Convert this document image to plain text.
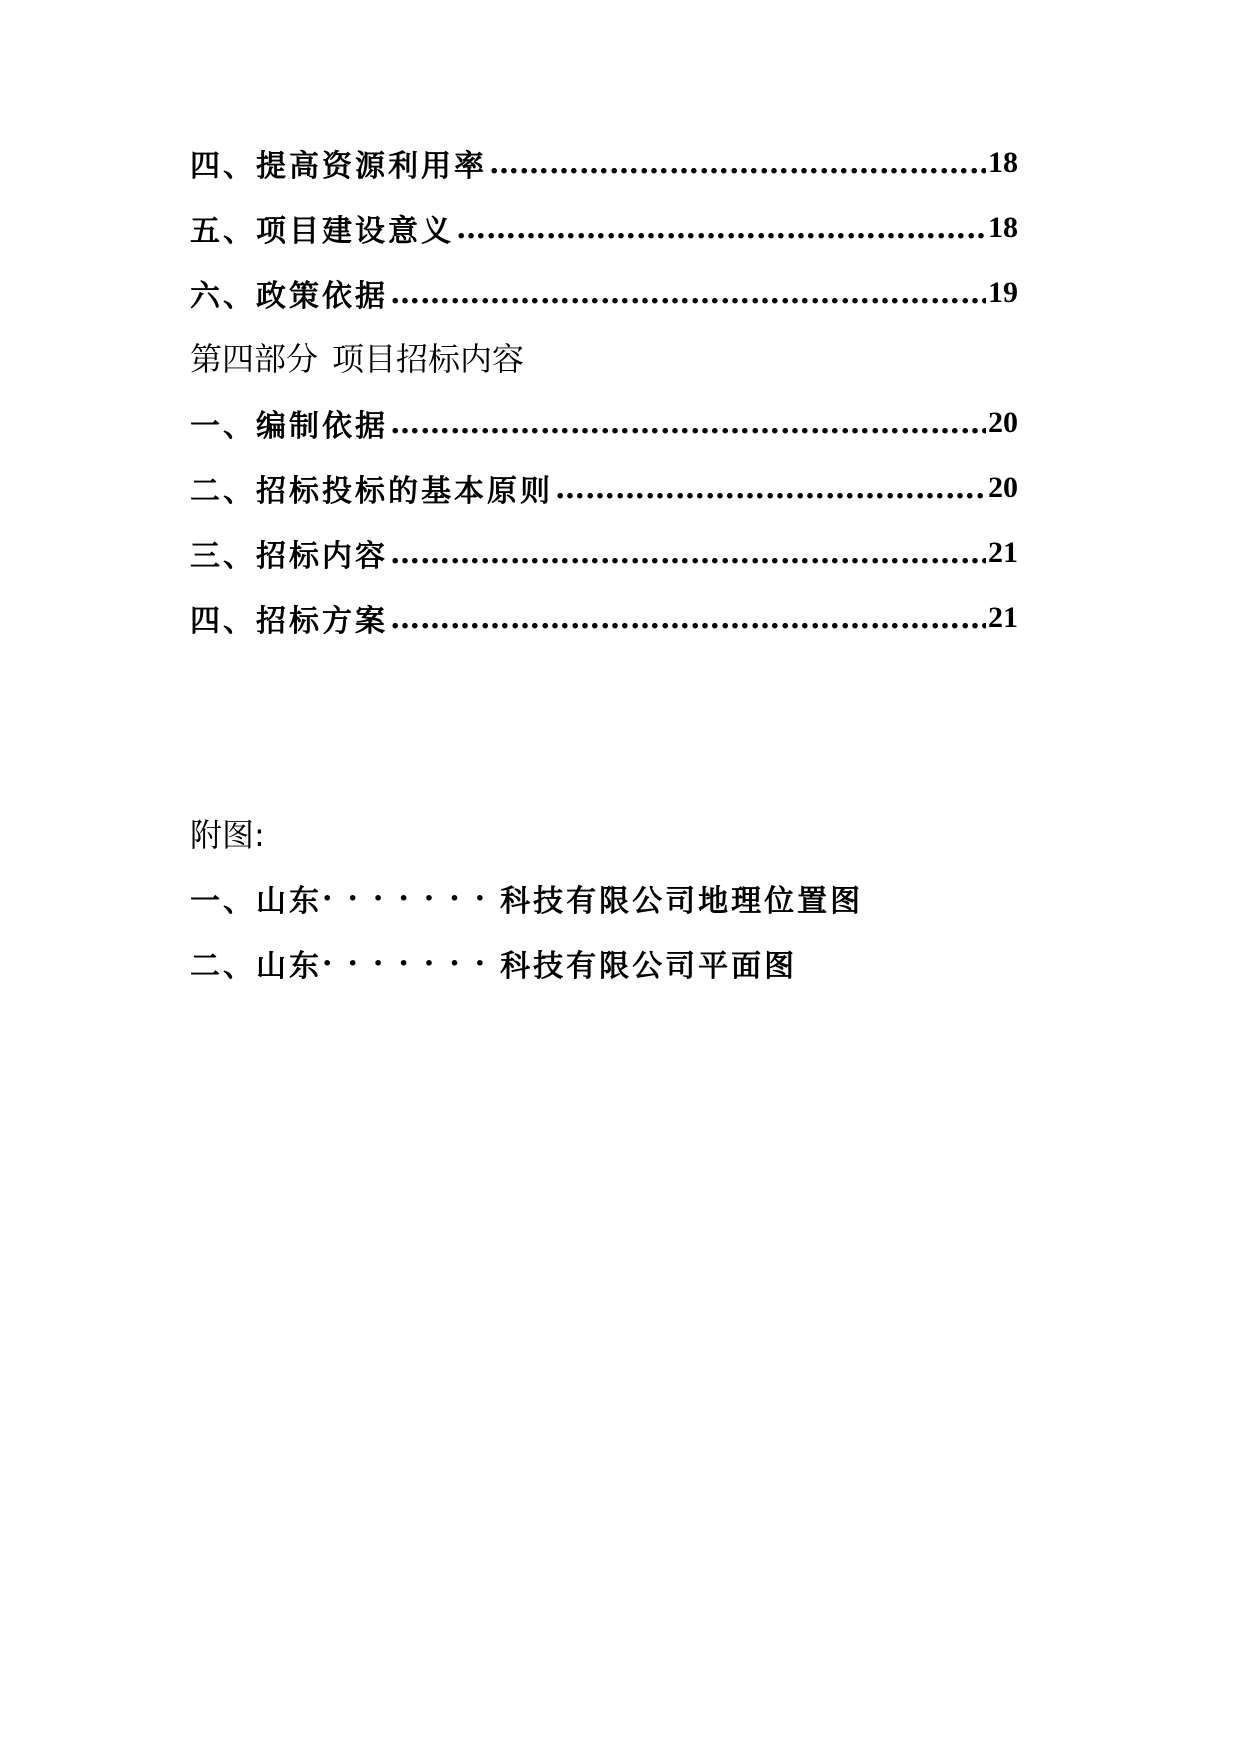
四、提高资源利用率 ……………………………………………………………………………………………………………………………………	18
五、项目建设意义 ……………………………………………………………………………………………………………………………………	18
六、政策依据 ……………………………………………………………………………………………………………………………………	19
第四部分 项目招标内容
一、编制依据 ……………………………………………………………………………………………………………………………………	20
二、招标投标的基本原则 ……………………………………………………………………………………………………………………………………	20
三、招标内容 ……………………………………………………………………………………………………………………………………	21
四、招标方案 ……………………………………………………………………………………………………………………………………	21
附图:
一、山东 ······· 科技有限公司地理位置图
二、山东 ······· 科技有限公司平面图
